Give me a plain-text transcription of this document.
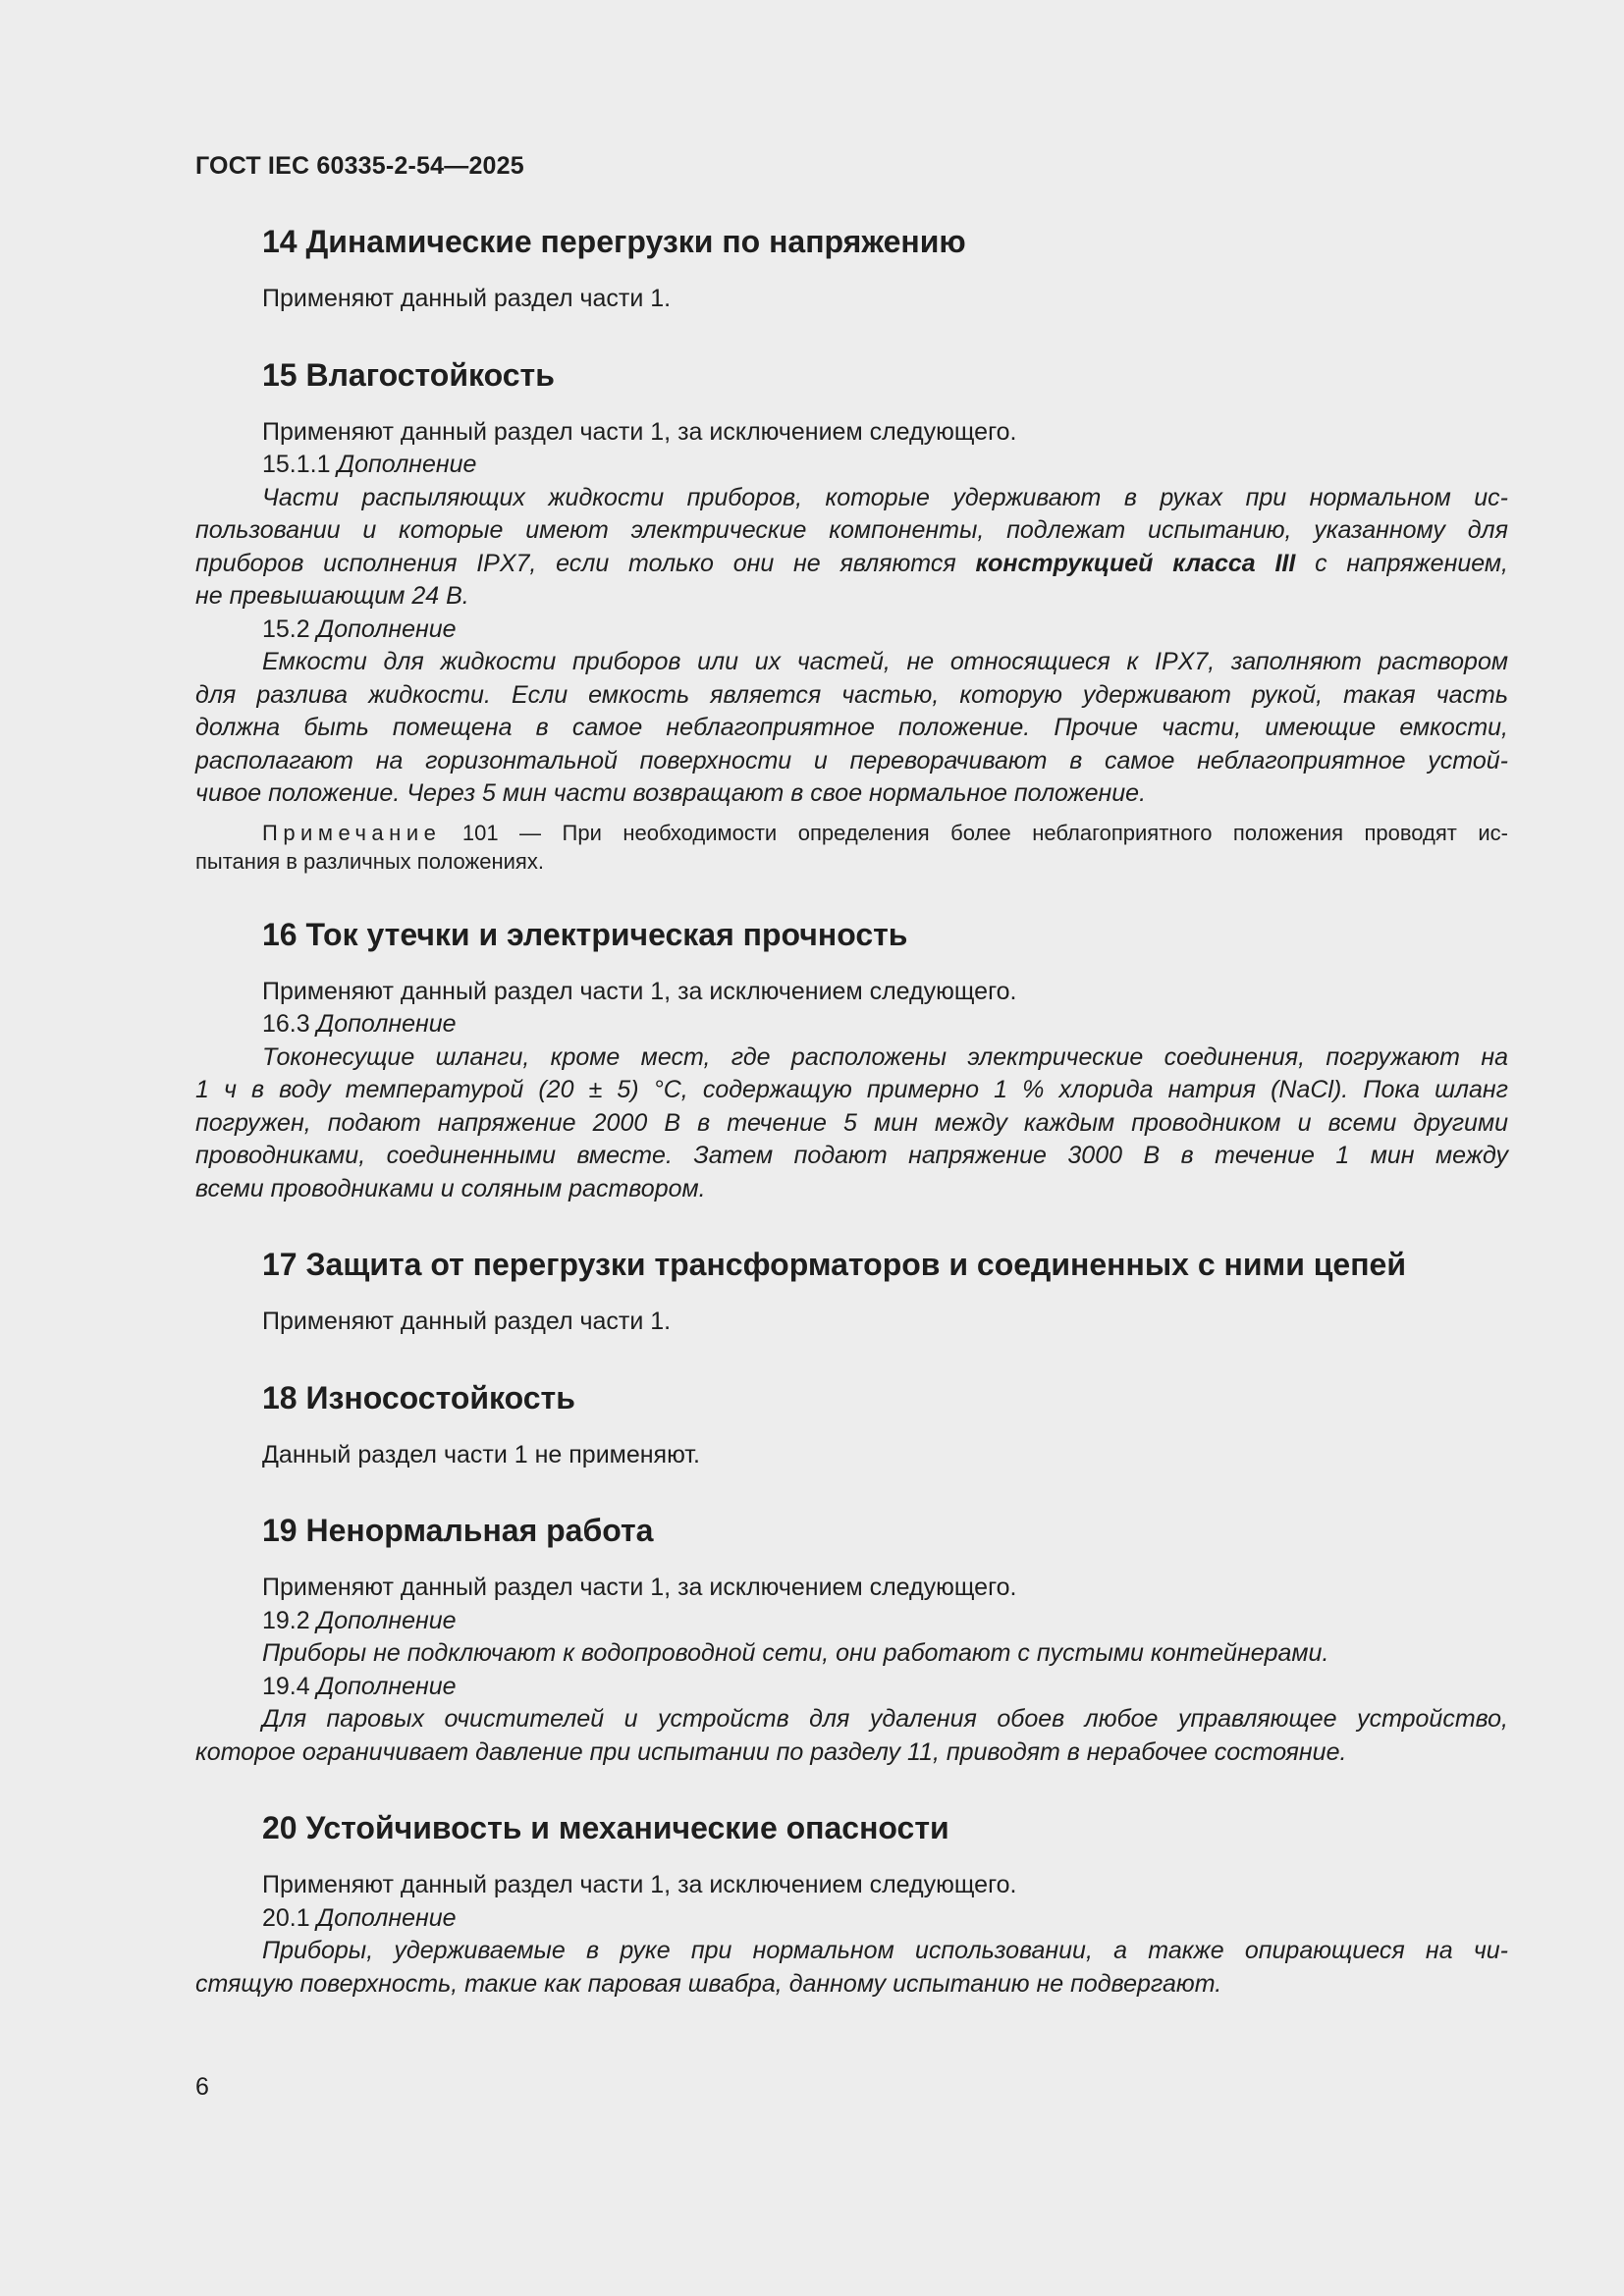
ГОСТ IEC 60335-2-54—2025

14 Динамические перегрузки по напряжению

Применяют данный раздел части 1.

15 Влагостойкость

Применяют данный раздел части 1, за исключением следующего.

15.1.1 Дополнение

Части распыляющих жидкости приборов, которые удерживают в руках при нормальном ис-

пользовании и которые имеют электрические компоненты, подлежат испытанию, указанному для

приборов исполнения IPX7, если только они не являются конструкцией класса III с напряжением,

не превышающим 24 В.

15.2 Дополнение

Емкости для жидкости приборов или их частей, не относящиеся к IPX7, заполняют раствором

для разлива жидкости. Если емкость является частью, которую удерживают рукой, такая часть

должна быть помещена в самое неблагоприятное положение. Прочие части, имеющие емкости,

располагают на горизонтальной поверхности и переворачивают в самое неблагоприятное устой-

чивое положение. Через 5 мин части возвращают в свое нормальное положение.

Примечание 101 — При необходимости определения более неблагоприятного положения проводят ис-

пытания в различных положениях.

16 Ток утечки и электрическая прочность

Применяют данный раздел части 1, за исключением следующего.

16.3 Дополнение

Токонесущие шланги, кроме мест, где расположены электрические соединения, погружают на

1 ч в воду температурой (20 ± 5) °C, содержащую примерно 1 % хлорида натрия (NaCl). Пока шланг

погружен, подают напряжение 2000 В в течение 5 мин между каждым проводником и всеми другими

проводниками, соединенными вместе. Затем подают напряжение 3000 В в течение 1 мин между

всеми проводниками и соляным раствором.

17 Защита от перегрузки трансформаторов и соединенных с ними цепей

Применяют данный раздел части 1.

18 Износостойкость

Данный раздел части 1 не применяют.

19 Ненормальная работа

Применяют данный раздел части 1, за исключением следующего.

19.2 Дополнение

Приборы не подключают к водопроводной сети, они работают с пустыми контейнерами.

19.4 Дополнение

Для паровых очистителей и устройств для удаления обоев любое управляющее устройство,

которое ограничивает давление при испытании по разделу 11, приводят в нерабочее состояние.

20 Устойчивость и механические опасности

Применяют данный раздел части 1, за исключением следующего.

20.1 Дополнение

Приборы, удерживаемые в руке при нормальном использовании, а также опирающиеся на чи-

стящую поверхность, такие как паровая швабра, данному испытанию не подвергают.

6
